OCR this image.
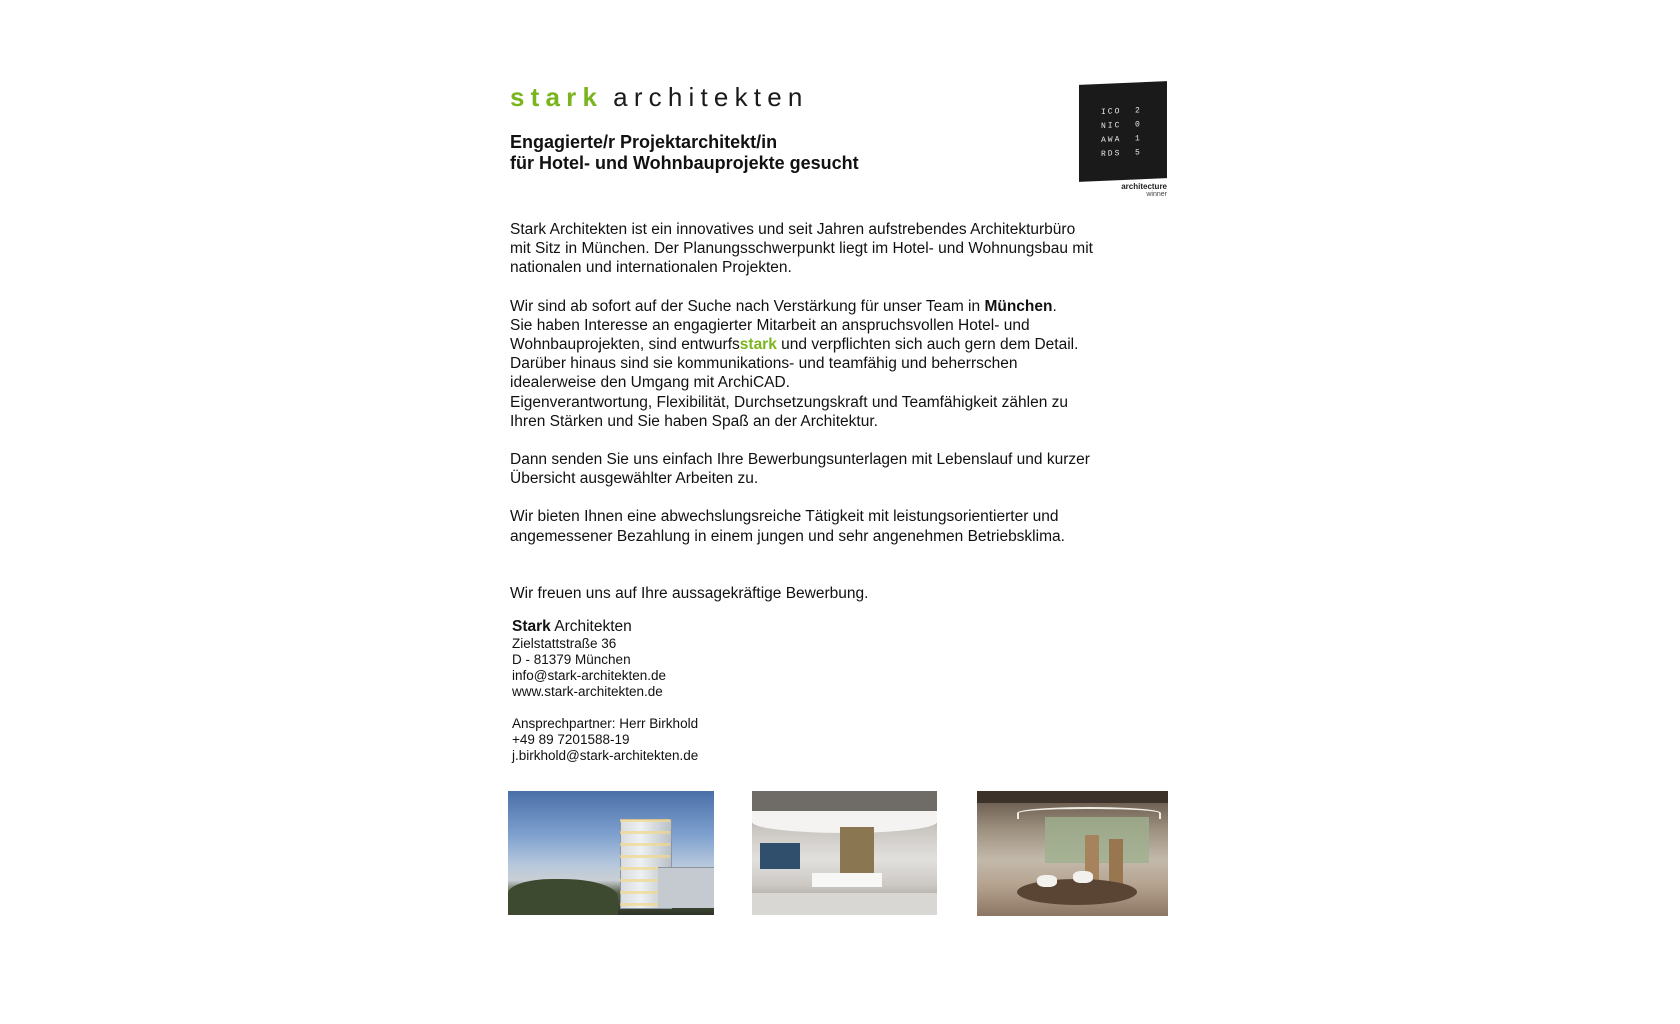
stark architekten
Engagierte/r Projektarchitekt/in
für Hotel- und Wohnbauprojekte gesucht
ICO	2
NIC	0
AWA	1
RDS	5
architecture
winner

Stark Architekten ist ein innovatives und seit Jahren aufstrebendes Architekturbüro
mit Sitz in München. Der Planungsschwerpunkt liegt im Hotel- und Wohnungsbau mit
nationalen und internationalen Projekten.

Wir sind ab sofort auf der Suche nach Verstärkung für unser Team in München.
Sie haben Interesse an engagierter Mitarbeit an anspruchsvollen Hotel- und
Wohnbauprojekten, sind entwurfsstark und verpflichten sich auch gern dem Detail.
Darüber hinaus sind sie kommunikations- und teamfähig und beherrschen
idealerweise den Umgang mit ArchiCAD.
Eigenverantwortung, Flexibilität, Durchsetzungskraft und Teamfähigkeit zählen zu
Ihren Stärken und Sie haben Spaß an der Architektur.

Dann senden Sie uns einfach Ihre Bewerbungsunterlagen mit Lebenslauf und kurzer
Übersicht ausgewählter Arbeiten zu.

Wir bieten Ihnen eine abwechslungsreiche Tätigkeit mit leistungsorientierter und
angemessener Bezahlung in einem jungen und sehr angenehmen Betriebsklima.

Wir freuen uns auf Ihre aussagekräftige Bewerbung.

Stark Architekten
Zielstattstraße 36
D - 81379 München
info@stark-architekten.de
www.stark-architekten.de
Ansprechpartner: Herr Birkhold
+49 89 7201588-19
j.birkhold@stark-architekten.de
